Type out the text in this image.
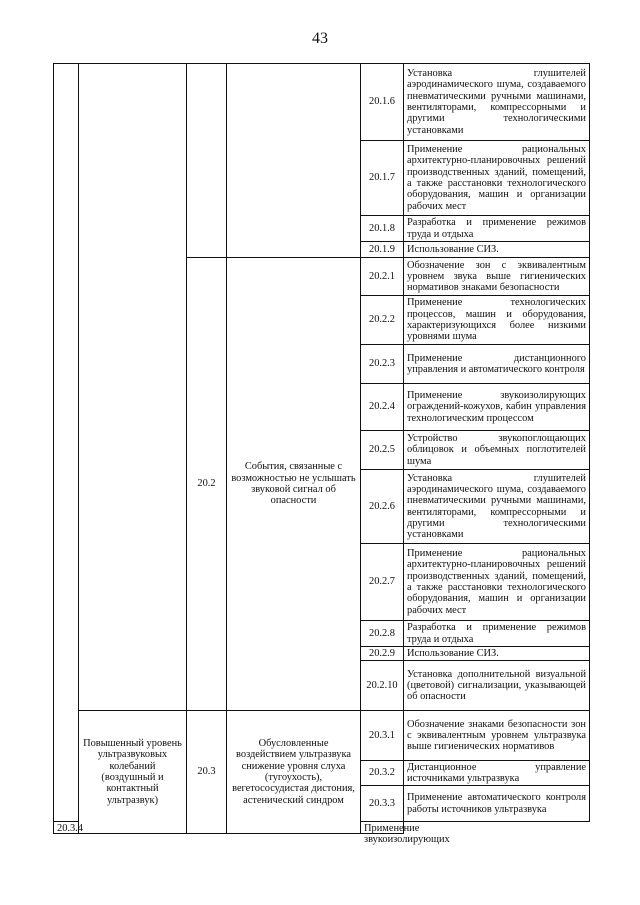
43
				20.1.6	Установка глушителей аэродинамического шума, создаваемого пневматическими ручными машинами, вентиляторами, компрессорными и другими технологическими установками
				20.1.7	Применение рациональных архитектурно-планировочных решений производственных зданий, помещений, а также расстановки технологического оборудования, машин и организации рабочих мест
				20.1.8	Разработка и применение режимов труда и отдыха
				20.1.9	Использование СИЗ.
		20.2	События, связанные с возможностью не услышать звуковой сигнал об опасности	20.2.1	Обозначение зон с эквивалентным уровнем звука выше гигиенических нормативов знаками безопасности
				20.2.2	Применение технологических процессов, машин и оборудования, характеризующихся более низкими уровнями шума
				20.2.3	Применение дистанционного управления и автоматического контроля
				20.2.4	Применение звукоизолирующих ограждений-кожухов, кабин управления технологическим процессом
				20.2.5	Устройство звукопоглощающих облицовок и объемных поглотителей шума
				20.2.6	Установка глушителей аэродинамического шума, создаваемого пневматическими ручными машинами, вентиляторами, компрессорными и другими технологическими установками
				20.2.7	Применение рациональных архитектурно-планировочных решений производственных зданий, помещений, а также расстановки технологического оборудования, машин и организации рабочих мест
				20.2.8	Разработка и применение режимов труда и отдыха
				20.2.9	Использование СИЗ.
				20.2.10	Установка дополнительной визуальной (цветовой) сигнализации, указывающей об опасности
	Повышенный уровень ультразвуковых колебаний (воздушный и контактный ультразвук)	20.3	Обусловленные воздействием ультразвука снижение уровня слуха (тугоухость), вегетососудистая дистония, астенический синдром	20.3.1	Обозначение знаками безопасности зон с эквивалентным уровнем ультразвука выше гигиенических нормативов
				20.3.2	Дистанционное управление источниками ультразвука
				20.3.3	Применение автоматического контроля работы источников ультразвука

20.3.4				Применение звукоизолирующих	
